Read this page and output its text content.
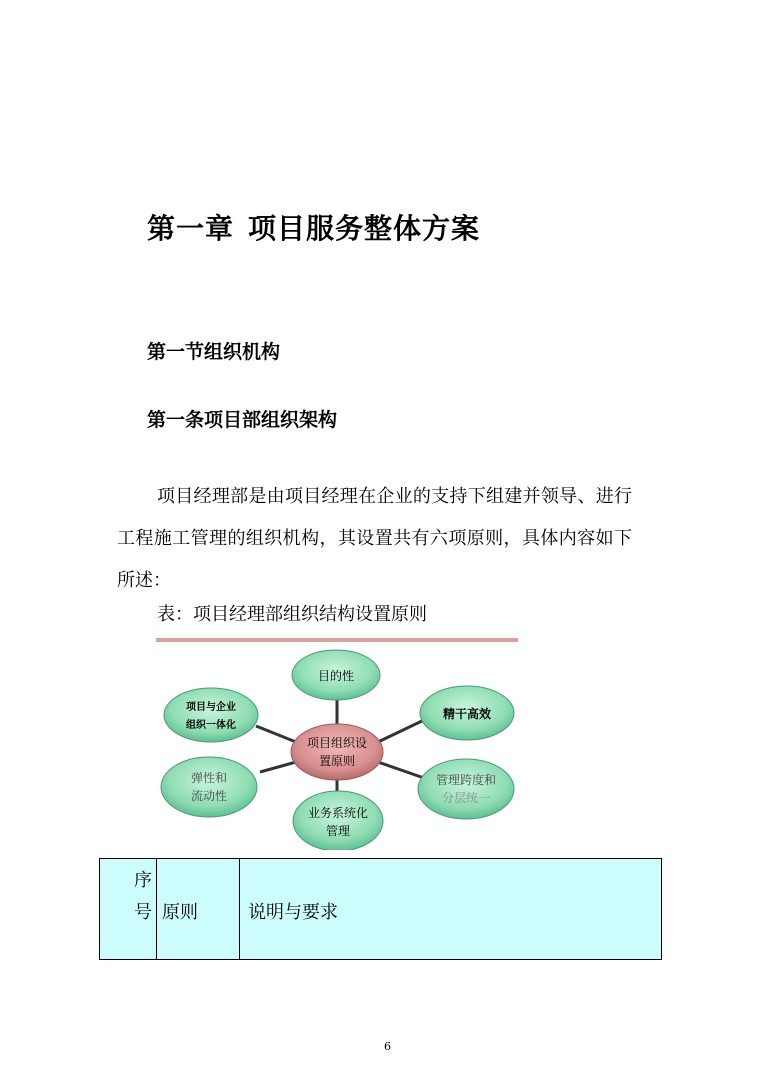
第一章 项目服务整体方案
第一节组织机构
第一条项目部组织架构

项目经理部是由项目经理在企业的支持下组建并领导、进行工程施工管理的组织机构，其设置共有六项原则，具体内容如下所述：

表：项目经理部组织结构设置原则
目的性
项目与企业
组织一体化
精干高效
项目组织设
置原则
弹性和
流动性
管理跨度和
分层统一
业务系统化
管理
序
号	原则	说明与要求
6
